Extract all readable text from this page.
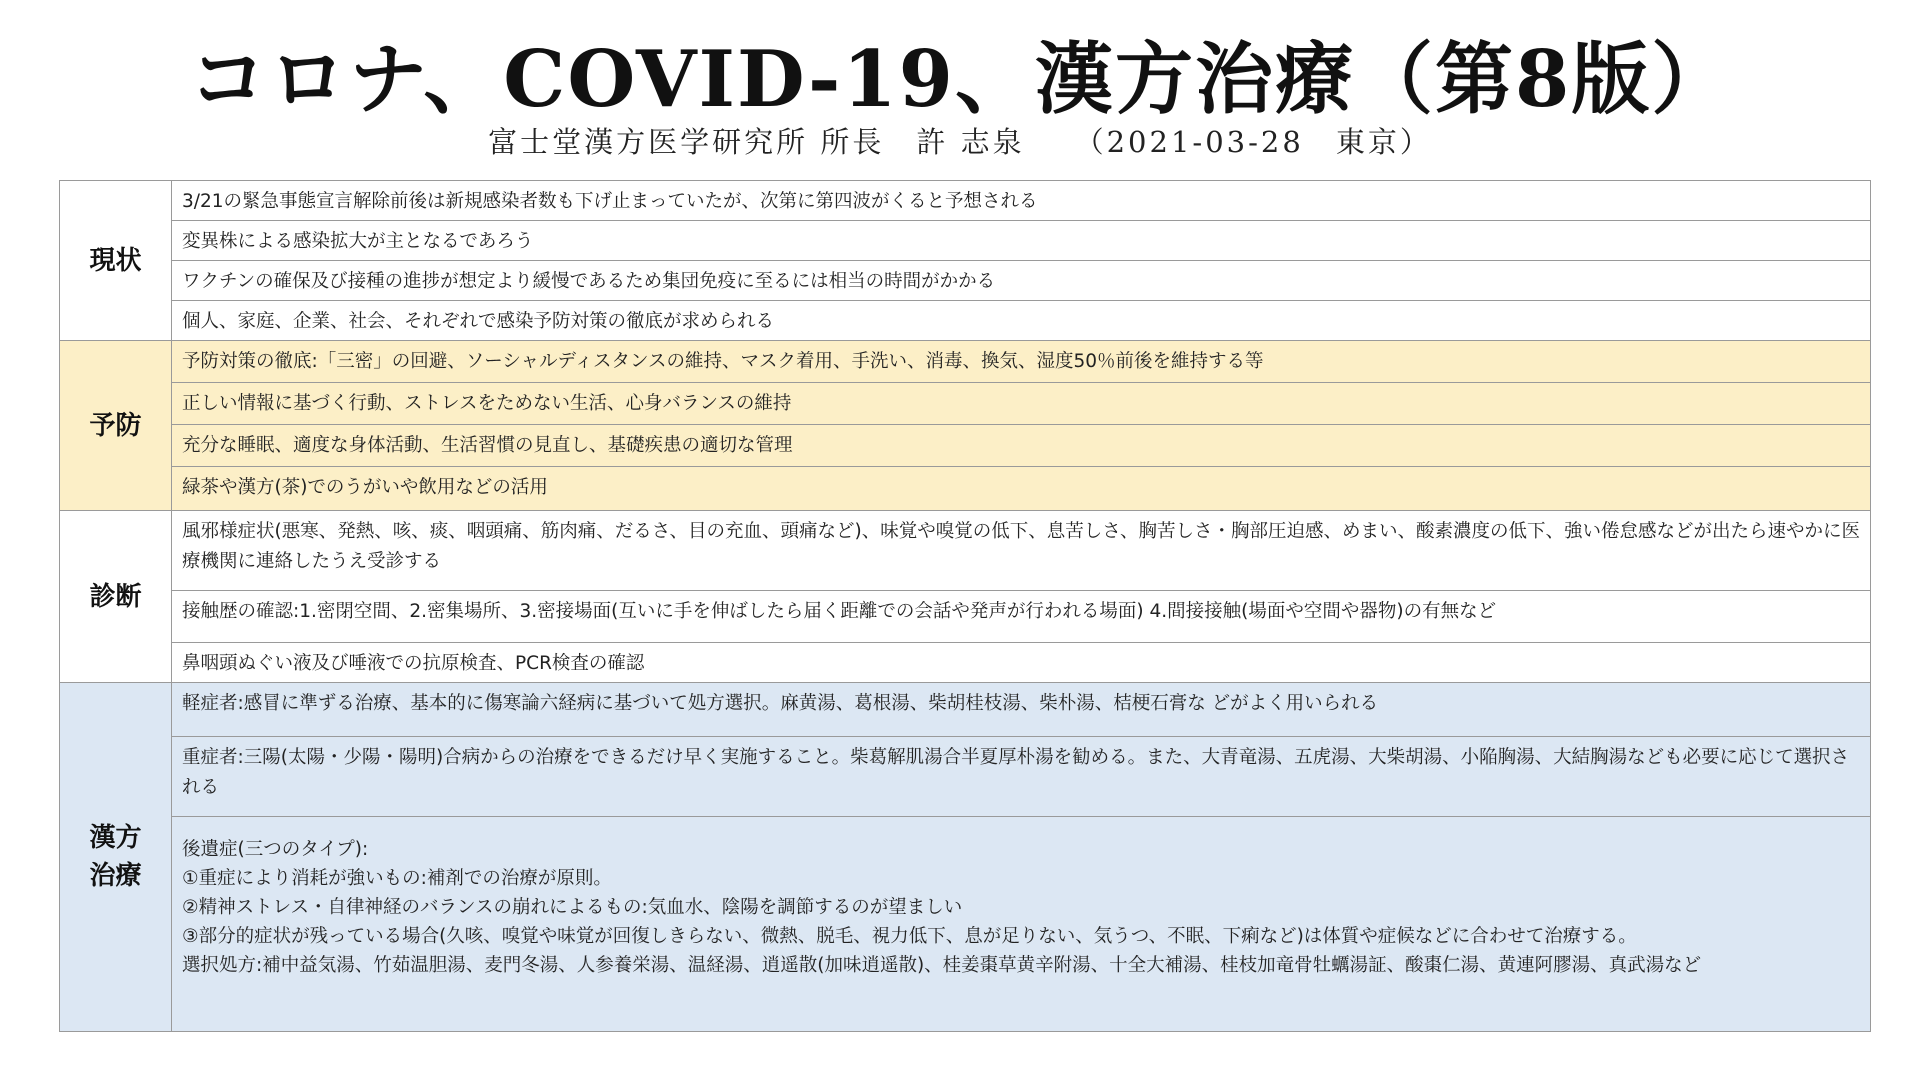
コロナ、COVID-19、漢方治療（第8版）
富士堂漢方医学研究所 所長　許 志泉 （2021-03-28　東京）
現状
3/21の緊急事態宣言解除前後は新規感染者数も下げ止まっていたが、次第に第四波がくると予想される
変異株による感染拡大が主となるであろう
ワクチンの確保及び接種の進捗が想定より緩慢であるため集団免疫に至るには相当の時間がかかる
個人、家庭、企業、社会、それぞれで感染予防対策の徹底が求められる
予防
予防対策の徹底:「三密」の回避、ソーシャルディスタンスの維持、マスク着用、手洗い、消毒、換気、湿度50％前後を維持する等
正しい情報に基づく行動、ストレスをためない生活、心身バランスの維持
充分な睡眠、適度な身体活動、生活習慣の見直し、基礎疾患の適切な管理
緑茶や漢方(茶)でのうがいや飲用などの活用
診断
風邪様症状(悪寒、発熱、咳、痰、咽頭痛、筋肉痛、だるさ、目の充血、頭痛など)、味覚や嗅覚の低下、息苦しさ、胸苦しさ・胸部圧迫感、めまい、酸素濃度の低下、強い倦怠感などが出たら速やかに医療機関に連絡したうえ受診する
接触歴の確認:1.密閉空間、2.密集場所、3.密接場面(互いに手を伸ばしたら届く距離での会話や発声が行われる場面) 4.間接接触(場面や空間や器物)の有無など
鼻咽頭ぬぐい液及び唾液での抗原検査、PCR検査の確認
漢方
治療
軽症者:感冒に準ずる治療、基本的に傷寒論六経病に基づいて処方選択。麻黄湯、葛根湯、柴胡桂枝湯、柴朴湯、桔梗石膏な どがよく用いられる
重症者:三陽(太陽・少陽・陽明)合病からの治療をできるだけ早く実施すること。柴葛解肌湯合半夏厚朴湯を勧める。また、大青竜湯、五虎湯、大柴胡湯、小陥胸湯、大結胸湯なども必要に応じて選択される
後遺症(三つのタイプ):
①重症により消耗が強いもの:補剤での治療が原則。
②精神ストレス・自律神経のバランスの崩れによるもの:気血水、陰陽を調節するのが望ましい
③部分的症状が残っている場合(久咳、嗅覚や味覚が回復しきらない、微熱、脱毛、視力低下、息が足りない、気うつ、不眠、下痢など)は体質や症候などに合わせて治療する。
選択処方:補中益気湯、竹茹温胆湯、麦門冬湯、人参養栄湯、温経湯、逍遥散(加味逍遥散)、桂姜棗草黄辛附湯、十全大補湯、桂枝加竜骨牡蠣湯証、酸棗仁湯、黄連阿膠湯、真武湯など
